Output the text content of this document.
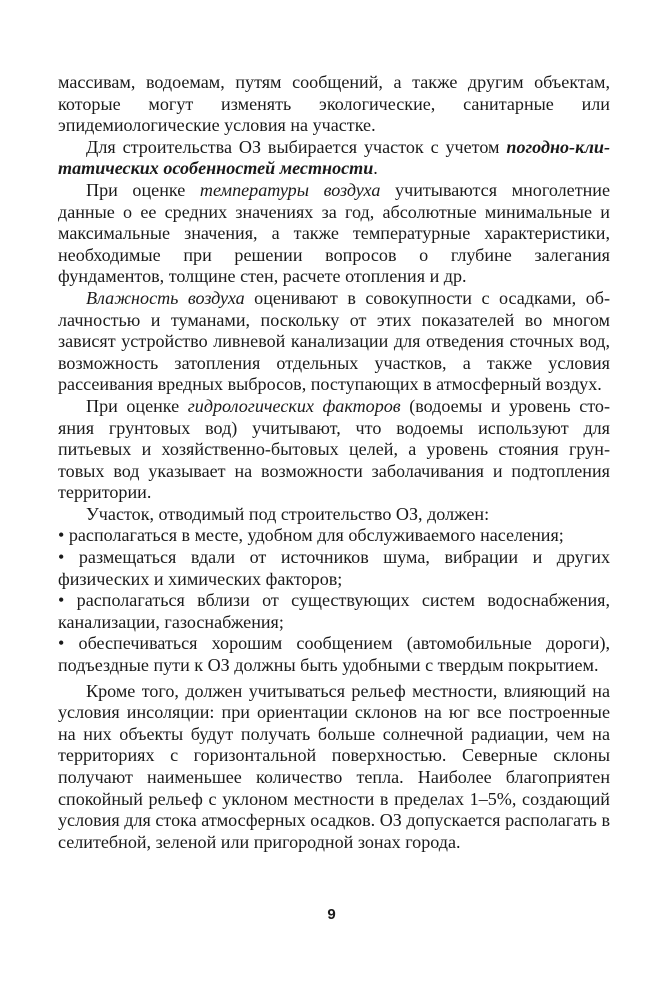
массивам, водоемам, путям сообщений, а также другим объектам, которые могут изменять экологические, санитарные или эпидемиологические условия на участке.

Для строительства ОЗ выбирается участок с учетом погодно-клиmатических особенностей местности.

При оценке температуры воздуха учитываются многолетние данные о ее средних значениях за год, абсолютные минимальные и максимальные значения, а также температурные характеристики, необходимые при решении вопросов о глубине залегания фундаментов, толщине стен, расчете отопления и др.

Влажность воздуха оценивают в совокупности с осадками, облачностью и туманами, поскольку от этих показателей во многом зависят устройство ливневой канализации для отведения сточных вод, возможность затопления отдельных участков, а также условия рассеивания вредных выбросов, поступающих в атмосферный воздух.

При оценке гидрологических факторов (водоемы и уровень стояния грунтовых вод) учитывают, что водоемы используют для питьевых и хозяйственно-бытовых целей, а уровень стояния грунтовых вод указывает на возможности заболачивания и подтопления территории.

Участок, отводимый под строительство ОЗ, должен:

• располагаться в месте, удобном для обслуживаемого населения;

• размещаться вдали от источников шума, вибрации и других физических и химических факторов;

• располагаться вблизи от существующих систем водоснабжения, канализации, газоснабжения;

• обеспечиваться хорошим сообщением (автомобильные дороги), подъездные пути к ОЗ должны быть удобными с твердым покрытием.

Кроме того, должен учитываться рельеф местности, влияющий на условия инсоляции: при ориентации склонов на юг все построенные на них объекты будут получать больше солнечной радиации, чем на территориях с горизонтальной поверхностью. Северные склоны получают наименьшее количество тепла. Наиболее благоприятен спокойный рельеф с уклоном местности в пределах 1–5%, создающий условия для стока атмосферных осадков. ОЗ допускается располагать в селитебной, зеленой или пригородной зонах города.

9
